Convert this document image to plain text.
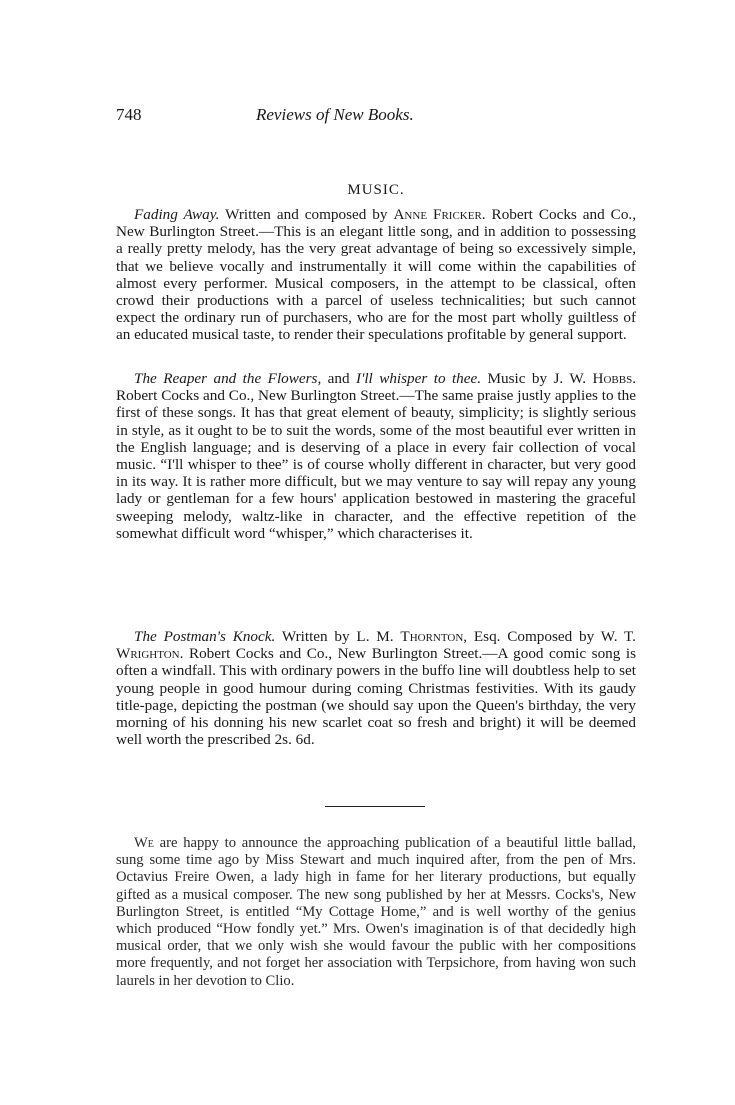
748	Reviews of New Books.
MUSIC.

Fading Away. Written and composed by Anne Fricker. Robert Cocks and Co., New Burlington Street.—This is an elegant little song, and in addition to possessing a really pretty melody, has the very great advantage of being so excessively simple, that we believe vocally and instrumentally it will come within the capabilities of almost every performer. Musical composers, in the attempt to be classical, often crowd their productions with a parcel of useless technicalities; but such cannot expect the ordinary run of purchasers, who are for the most part wholly guiltless of an educated musical taste, to render their speculations profitable by general support.

The Reaper and the Flowers, and I'll whisper to thee. Music by J. W. Hobbs. Robert Cocks and Co., New Burlington Street.—The same praise justly applies to the first of these songs. It has that great element of beauty, simplicity; is slightly serious in style, as it ought to be to suit the words, some of the most beautiful ever written in the English language; and is deserving of a place in every fair collection of vocal music. “I'll whisper to thee” is of course wholly different in character, but very good in its way. It is rather more difficult, but we may venture to say will repay any young lady or gentleman for a few hours' application bestowed in mastering the graceful sweeping melody, waltz-like in character, and the effective repetition of the somewhat difficult word “whisper,” which characterises it.

The Postman's Knock. Written by L. M. Thornton, Esq. Composed by W. T. Wrighton. Robert Cocks and Co., New Burlington Street.—A good comic song is often a windfall. This with ordinary powers in the buffo line will doubtless help to set young people in good humour during coming Christmas festivities. With its gaudy title-page, depicting the postman (we should say upon the Queen's birthday, the very morning of his donning his new scarlet coat so fresh and bright) it will be deemed well worth the prescribed 2s. 6d.

We are happy to announce the approaching publication of a beautiful little ballad, sung some time ago by Miss Stewart and much inquired after, from the pen of Mrs. Octavius Freire Owen, a lady high in fame for her literary productions, but equally gifted as a musical composer. The new song published by her at Messrs. Cocks's, New Burlington Street, is entitled “My Cottage Home,” and is well worthy of the genius which produced “How fondly yet.” Mrs. Owen's imagination is of that decidedly high musical order, that we only wish she would favour the public with her compositions more frequently, and not forget her association with Terpsichore, from having won such laurels in her devotion to Clio.
